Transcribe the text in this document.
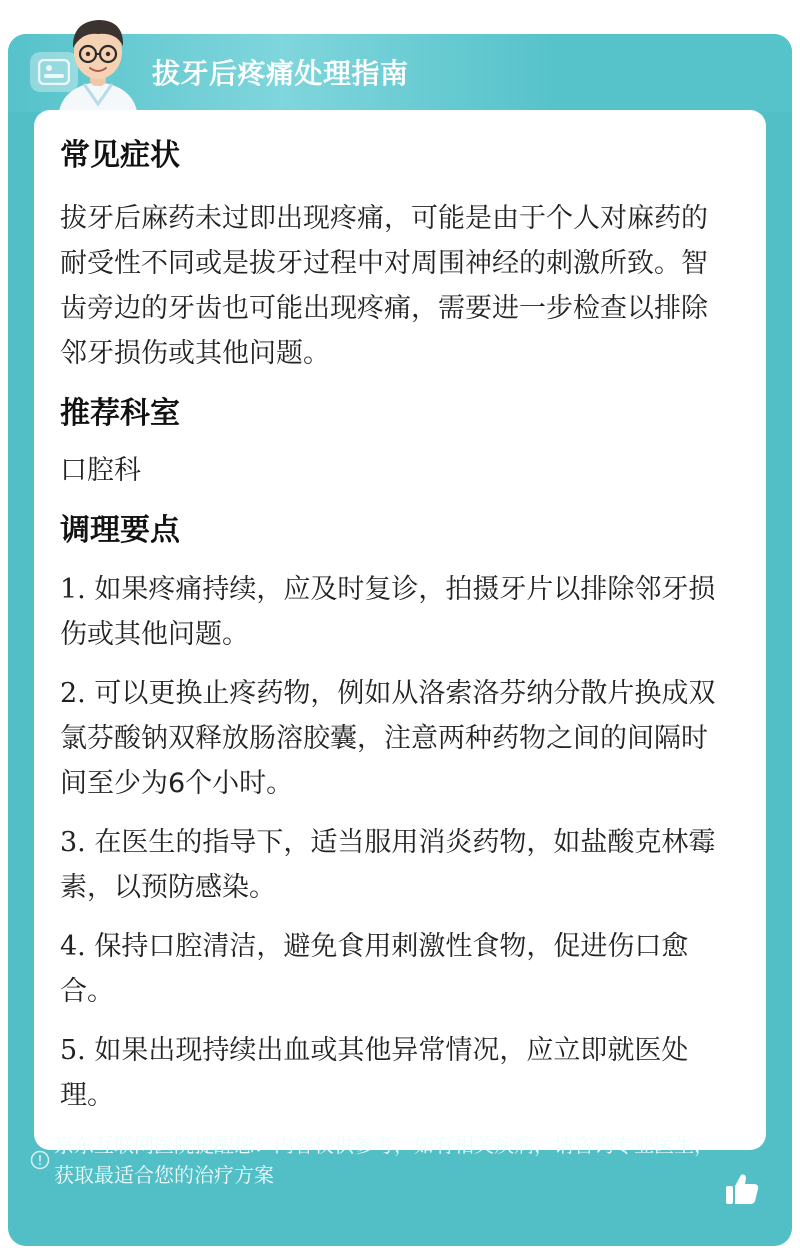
拔牙后疼痛处理指南
常见症状

拔牙后麻药未过即出现疼痛，可能是由于个人对麻药的耐受性不同或是拔牙过程中对周围神经的刺激所致。智齿旁边的牙齿也可能出现疼痛，需要进一步检查以排除邻牙损伤或其他问题。

推荐科室

口腔科

调理要点
1. 如果疼痛持续，应及时复诊，拍摄牙片以排除邻牙损伤或其他问题。
2. 可以更换止疼药物，例如从洛索洛芬纳分散片换成双氯芬酸钠双释放肠溶胶囊，注意两种药物之间的间隔时间至少为6个小时。
3. 在医生的指导下，适当服用消炎药物，如盐酸克林霉素，以预防感染。
4. 保持口腔清洁，避免食用刺激性食物，促进伤口愈合。
5. 如果出现持续出血或其他异常情况，应立即就医处理。
京东互联网医院提醒您：内容仅供参考，如有相关疾病，请咨询专业医生，获取最适合您的治疗方案
